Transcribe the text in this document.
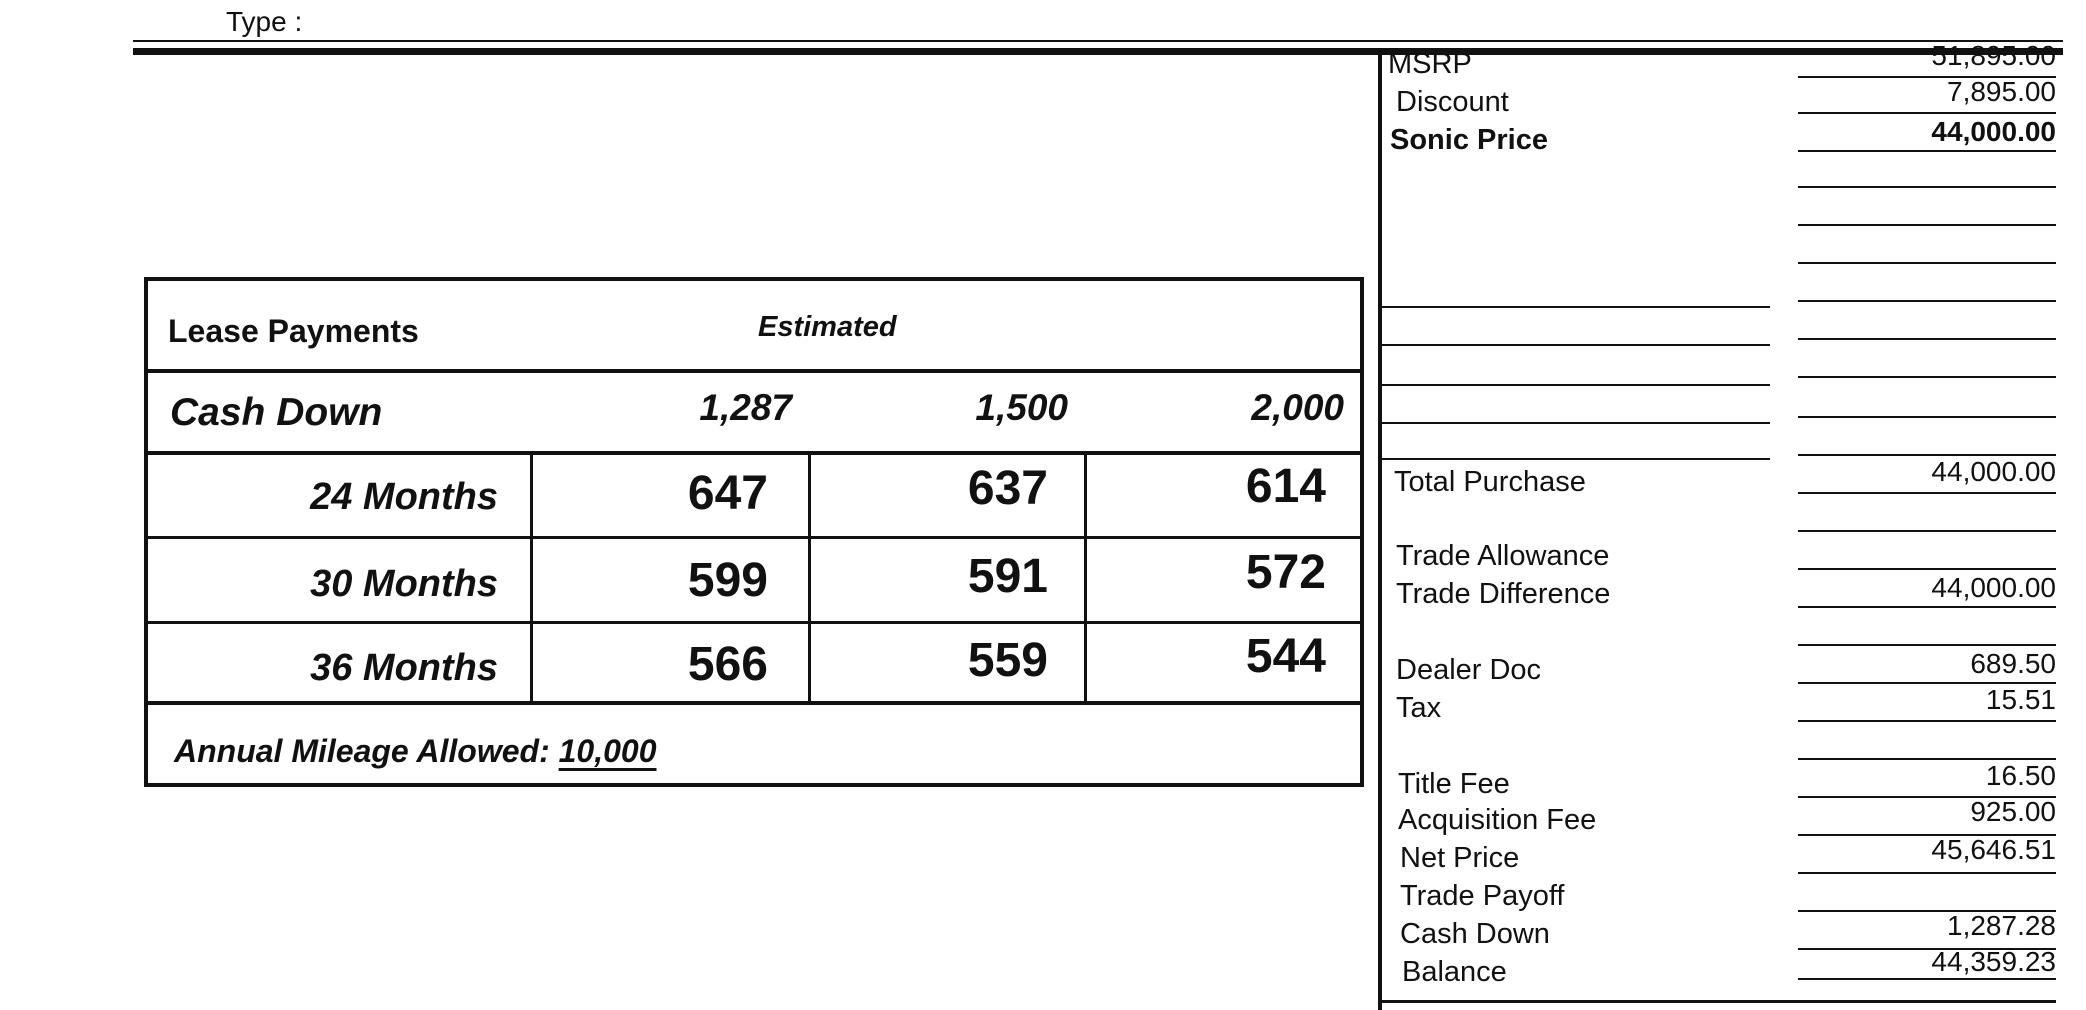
Type :
Lease Payments	Estimated
Cash Down	1,287	1,500	2,000
24 Months	647	637	614
30 Months	599	591	572
36 Months	566	559	544
Annual Mileage Allowed: 10,000
MSRP	51,895.00
Discount	7,895.00
Sonic Price	44,000.00
Total Purchase	44,000.00
Trade Allowance
Trade Difference	44,000.00
Dealer Doc	689.50
Tax	15.51
Title Fee	16.50
Acquisition Fee	925.00
Net Price	45,646.51
Trade Payoff
Cash Down	1,287.28
Balance	44,359.23
